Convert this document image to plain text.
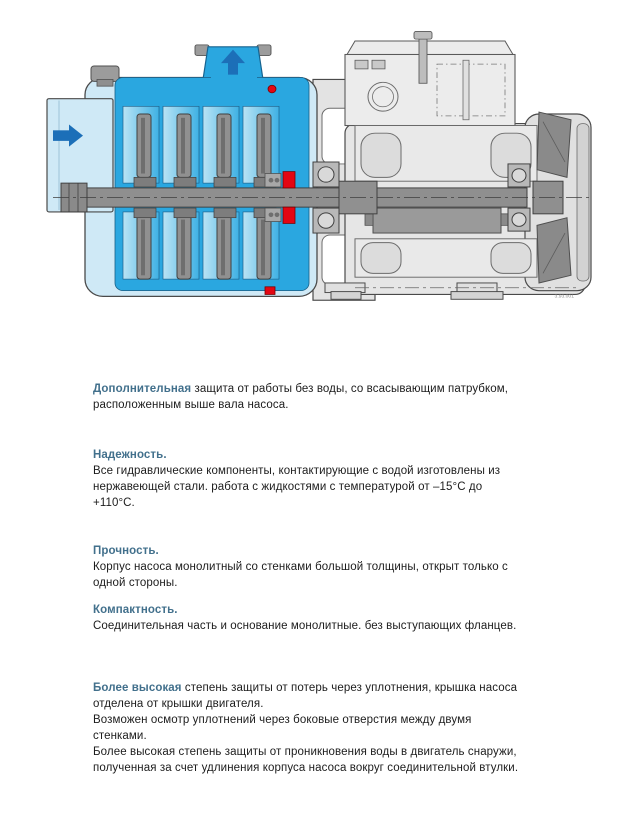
3.93.001

Дополнительная защита от работы без воды, со всасывающим патрубком, расположенным выше вала насоса.

Надежность.

Все гидравлические компоненты, контактирующие с водой изготовлены из нержавеющей стали. работа с жидкостями с температурой от –15°C до +110°C.

Прочность.

Корпус насоса монолитный со стенками большой толщины, открыт только с одной стороны.

Компактность.

Соединительная часть и основание монолитные. без выступающих фланцев.

Более высокая степень защиты от потерь через уплотнения, крышка насоса отделена от крышки двигателя.

Возможен осмотр уплотнений через боковые отверстия между двумя стенками.

Более высокая степень защиты от проникновения воды в двигатель снаружи, полученная за счет удлинения корпуса насоса вокруг соединительной втулки.
